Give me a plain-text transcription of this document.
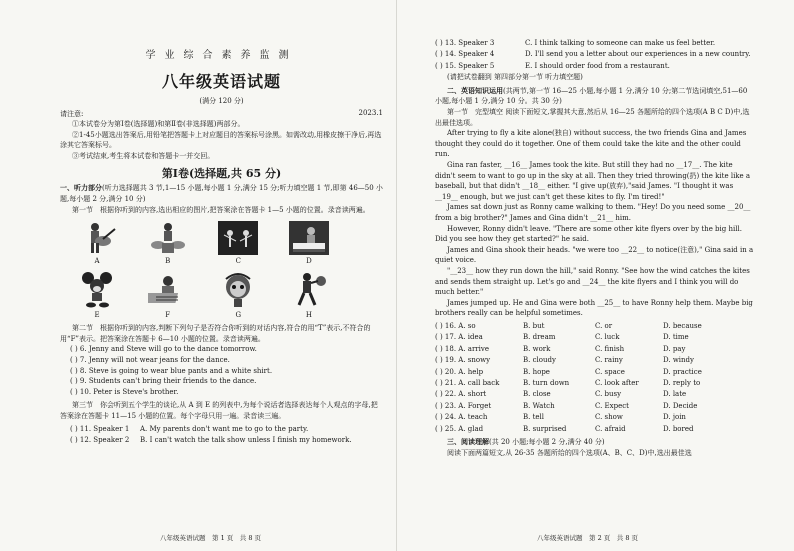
学业综合素养监测
八年级英语试题
(满分 120 分)
请注意:	2023.1

①本试卷分为第Ⅰ卷(选择题)和第Ⅱ卷(非选择题)两部分。

②1-45小题选出答案后,用铅笔把答题卡上对应题目的答案标号涂黑。如需改动,用橡皮擦干净后,再选涂其它答案标号。

③考试结束,考生将本试卷和答题卡一并交回。

第Ⅰ卷(选择题,共 65 分)

一、听力部分(听力选择题共 3 节,1—15 小题,每小题 1 分,满分 15 分;听力填空题 1 节,即第 46—50 小题,每小题 2 分,满分 10 分)

第一节　 根据你听到的内容,选出相应的图片,把答案涂在答题卡 1—5 小题的位置。录音读两遍。

A	B	C	D
E	F	G	H

第二节　 根据你听到的内容,判断下列句子是否符合你听到的对话内容,符合的用“T”表示,不符合的用“F”表示。把答案涂在答题卡 6—10 小题的位置。录音读两遍。

( ) 6. Jenny and Steve will go to the dance tomorrow.

( ) 7. Jenny will not wear jeans for the dance.

( ) 8. Steve is going to wear blue pants and a white shirt.

( ) 9. Students can't bring their friends to the dance.

( ) 10. Peter is Steve's brother.

第三节　 你会听到五个学生的谈论,从 A 到 E 的列表中,为每个说话者选择表达每个人观点的字母,把答案涂在答题卡 11—15 小题的位置。每个字母只用一遍。录音读三遍。

( ) 11. Speaker 1	A. My parents don't want me to go to the party.
( ) 12. Speaker 2	B. I can't watch the talk show unless I finish my homework.
八年级英语试题　第 1 页　共 8 页
( ) 13. Speaker 3	C. I think talking to someone can make us feel better.
( ) 14. Speaker 4	D. I'll send you a letter about our experiences in a new country.
( ) 15. Speaker 5	E. I should order food from a restaurant.

(请把试卷翻到 第四部分第一节 听力填空题)

二、英语知识运用(共两节,第一节 16—25 小题,每小题 1 分,满分 10 分;第二节选词填空,51—60 小题,每小题 1 分,满分 10 分。共 30 分)

第一节　 完型填空 阅读下面短文,掌握其大意,然后从 16—25 各题所给的四个选项(A B C D)中,选出最佳选项。

After trying to fly a kite alone(独自) without success, the two friends Gina and James thought they could do it together. One of them could take the kite and the other could run.

Gina ran faster, __16__ James took the kite. But still they had no __17__. The kite didn't seem to want to go up in the sky at all. Then they tried throwing(扔) the kite like a baseball, but that didn't __18__ either. "I give up(放弃),"said James. "I thought it was __19__ enough, but we just can't get these kites to fly. I'm tired!"

James sat down just as Ronny came walking to them. "Hey! Do you need some __20__ from a big brother?" James and Gina didn't __21__ him.

However, Ronny didn't leave. "There are some other kite flyers over by the big hill. Did you see how they get started?" he said.

James and Gina shook their heads. "we were too __22__ to notice(注意)," Gina said in a quiet voice.

"__23__ how they run down the hill," said Ronny. "See how the wind catches the kites and sends them straight up. Let's go and __24__ the kite flyers and I think you will do much better."

James jumped up. He and Gina were both __25__ to have Ronny help them. Maybe big brothers really can be helpful sometimes.

( ) 16. A. so	B. but	C. or	D. because
( ) 17. A. idea	B. dream	C. luck	D. time
( ) 18. A. arrive	B. work	C. finish	D. pay
( ) 19. A. snowy	B. cloudy	C. rainy	D. windy
( ) 20. A. help	B. hope	C. space	D. practice
( ) 21. A. call back	B. turn down	C. look after	D. reply to
( ) 22. A. short	B. close	C. busy	D. late
( ) 23. A. Forget	B. Watch	C. Expect	D. Decide
( ) 24. A. teach	B. tell	C. show	D. join
( ) 25. A. glad	B. surprised	C. afraid	D. bored

三、阅读理解(共 20 小题;每小题 2 分,满分 40 分)

阅读下面两篇短文,从 26-35 各题所给的四个选项(A、B、C、D)中,选出最佳选

八年级英语试题　第 2 页　共 8 页
